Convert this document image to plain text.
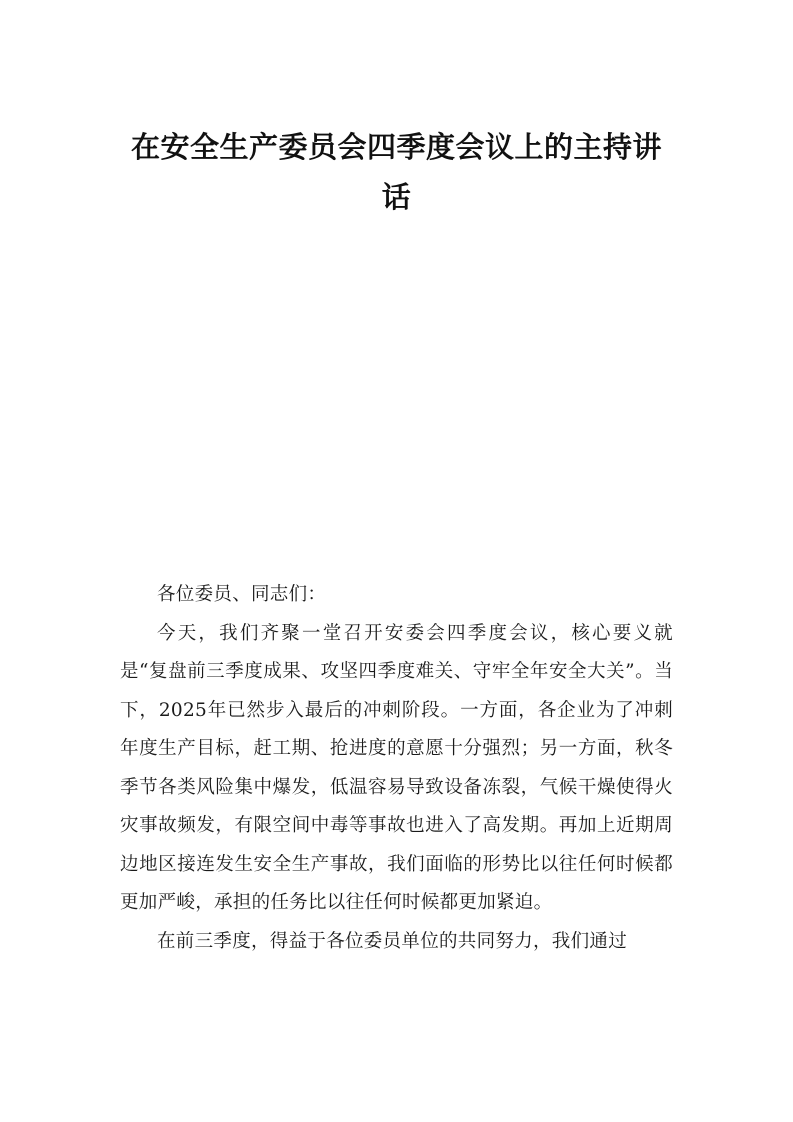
在安全生产委员会四季度会议上的主持讲话

各位委员、同志们：

今天，我们齐聚一堂召开安委会四季度会议，核心要义就是“复盘前三季度成果、攻坚四季度难关、守牢全年安全大关”。当下，2025年已然步入最后的冲刺阶段。一方面，各企业为了冲刺年度生产目标，赶工期、抢进度的意愿十分强烈；另一方面，秋冬季节各类风险集中爆发，低温容易导致设备冻裂，气候干燥使得火灾事故频发，有限空间中毒等事故也进入了高发期。再加上近期周边地区接连发生安全生产事故，我们面临的形势比以往任何时候都更加严峻，承担的任务比以往任何时候都更加紧迫。

在前三季度，得益于各位委员单位的共同努力，我们通过
